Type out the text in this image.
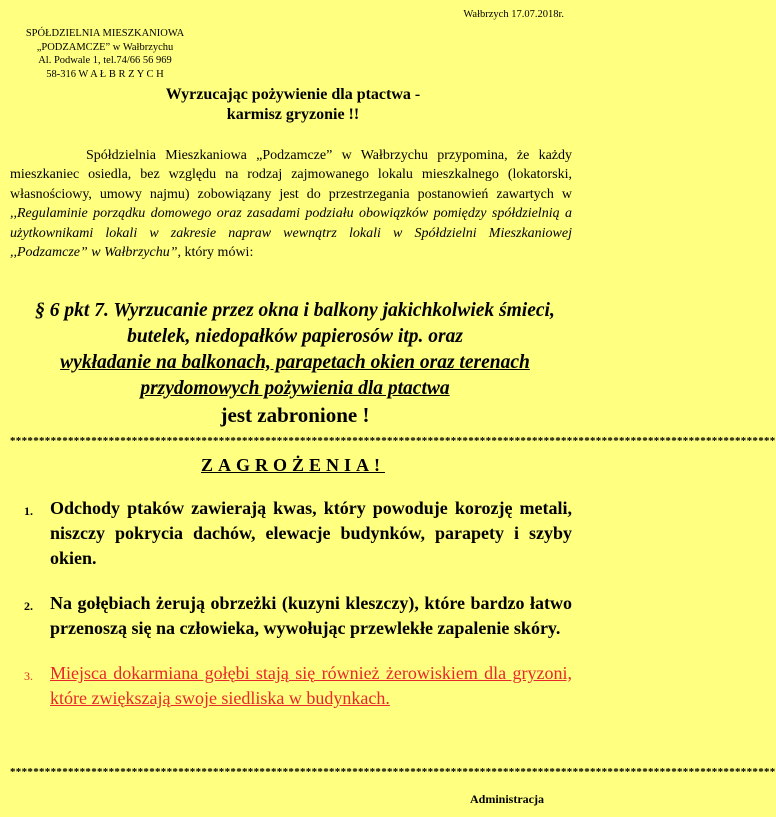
Wałbrzych 17.07.2018r.
SPÓŁDZIELNIA MIESZKANIOWA
„PODZAMCZE” w Wałbrzychu
Al. Podwale 1, tel.74/66 56 969
58-316 W A Ł B R Z Y C H
Wyrzucając pożywienie dla ptactwa -
karmisz gryzonie !!
Spółdzielnia Mieszkaniowa „Podzamcze” w Wałbrzychu przypomina, że każdy mieszkaniec osiedla, bez względu na rodzaj zajmowanego lokalu mieszkalnego (lokatorski, własnościowy, umowy najmu) zobowiązany jest do przestrzegania postanowień zawartych w ,,Regulaminie porządku domowego oraz zasadami podziału obowiązków pomiędzy spółdzielnią a użytkownikami lokali w zakresie napraw wewnątrz lokali w Spółdzielni Mieszkaniowej ,,Podzamcze” w Wałbrzychu”, który mówi:
§ 6 pkt 7. Wyrzucanie przez okna i balkony jakichkolwiek śmieci,
butelek, niedopałków papierosów itp. oraz
wykładanie na balkonach, parapetach okien oraz terenach
przydomowych pożywienia dla ptactwa
jest zabronione !
************************************************************************************************************************************
ZAGROŻENIA!
1. Odchody ptaków zawierają kwas, który powoduje korozję metali, niszczy pokrycia dachów, elewacje budynków, parapety i szyby okien.
2. Na gołębiach żerują obrzeżki (kuzyni kleszczy), które bardzo łatwo przenoszą się na człowieka, wywołując przewlekłe zapalenie skóry.
3. Miejsca dokarmiana gołębi stają się również żerowiskiem dla gryzoni, które zwiększają swoje siedliska w budynkach.
************************************************************************************************************************************
Administracja
